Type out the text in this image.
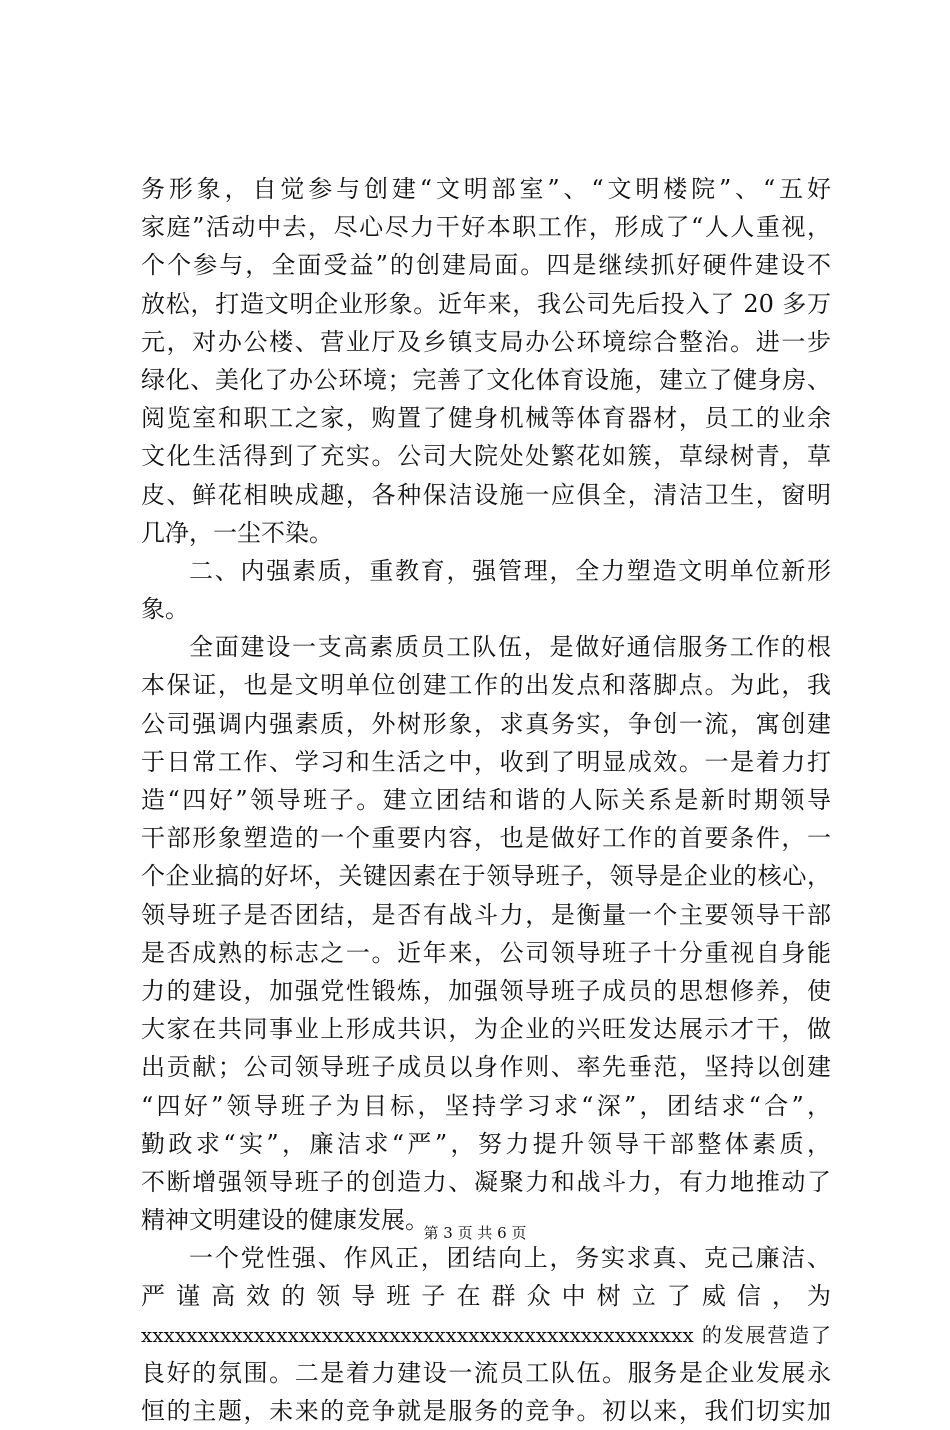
务形象，自觉参与创建“文明部室”、“文明楼院”、“五好
家庭”活动中去，尽心尽力干好本职工作，形成了“人人重视，
个个参与，全面受益”的创建局面。四是继续抓好硬件建设不
放松，打造文明企业形象。近年来，我公司先后投入了 20 多万
元，对办公楼、营业厅及乡镇支局办公环境综合整治。进一步
绿化、美化了办公环境；完善了文化体育设施，建立了健身房、
阅览室和职工之家，购置了健身机械等体育器材，员工的业余
文化生活得到了充实。公司大院处处繁花如簇，草绿树青，草
皮、鲜花相映成趣，各种保洁设施一应俱全，清洁卫生，窗明
几净，一尘不染。
二、内强素质，重教育，强管理，全力塑造文明单位新形
象。
全面建设一支高素质员工队伍，是做好通信服务工作的根
本保证，也是文明单位创建工作的出发点和落脚点。为此，我
公司强调内强素质，外树形象，求真务实，争创一流，寓创建
于日常工作、学习和生活之中，收到了明显成效。一是着力打
造“四好”领导班子。建立团结和谐的人际关系是新时期领导
干部形象塑造的一个重要内容，也是做好工作的首要条件，一
个企业搞的好坏，关键因素在于领导班子，领导是企业的核心，
领导班子是否团结，是否有战斗力，是衡量一个主要领导干部
是否成熟的标志之一。近年来，公司领导班子十分重视自身能
力的建设，加强党性锻炼，加强领导班子成员的思想修养，使
大家在共同事业上形成共识，为企业的兴旺发达展示才干，做
出贡献；公司领导班子成员以身作则、率先垂范，坚持以创建
“四好”领导班子为目标，坚持学习求“深”，团结求“合”，
勤政求“实”，廉洁求“严”，努力提升领导干部整体素质，
不断增强领导班子的创造力、凝聚力和战斗力，有力地推动了
精神文明建设的健康发展。
一个党性强、作风正，团结向上，务实求真、克己廉洁、
严 谨 高 效 的 领 导 班 子 在 群 众 中 树 立 了 威 信 ， 为
xxxxxxxxxxxxxxxxxxxxxxxxxxxxxxxxxxxxxxxxxxxxxxxxx 的发展营造了
良好的氛围。二是着力建设一流员工队伍。服务是企业发展永
恒的主题，未来的竞争就是服务的竞争。初以来，我们切实加
第 3 页 共 6 页
